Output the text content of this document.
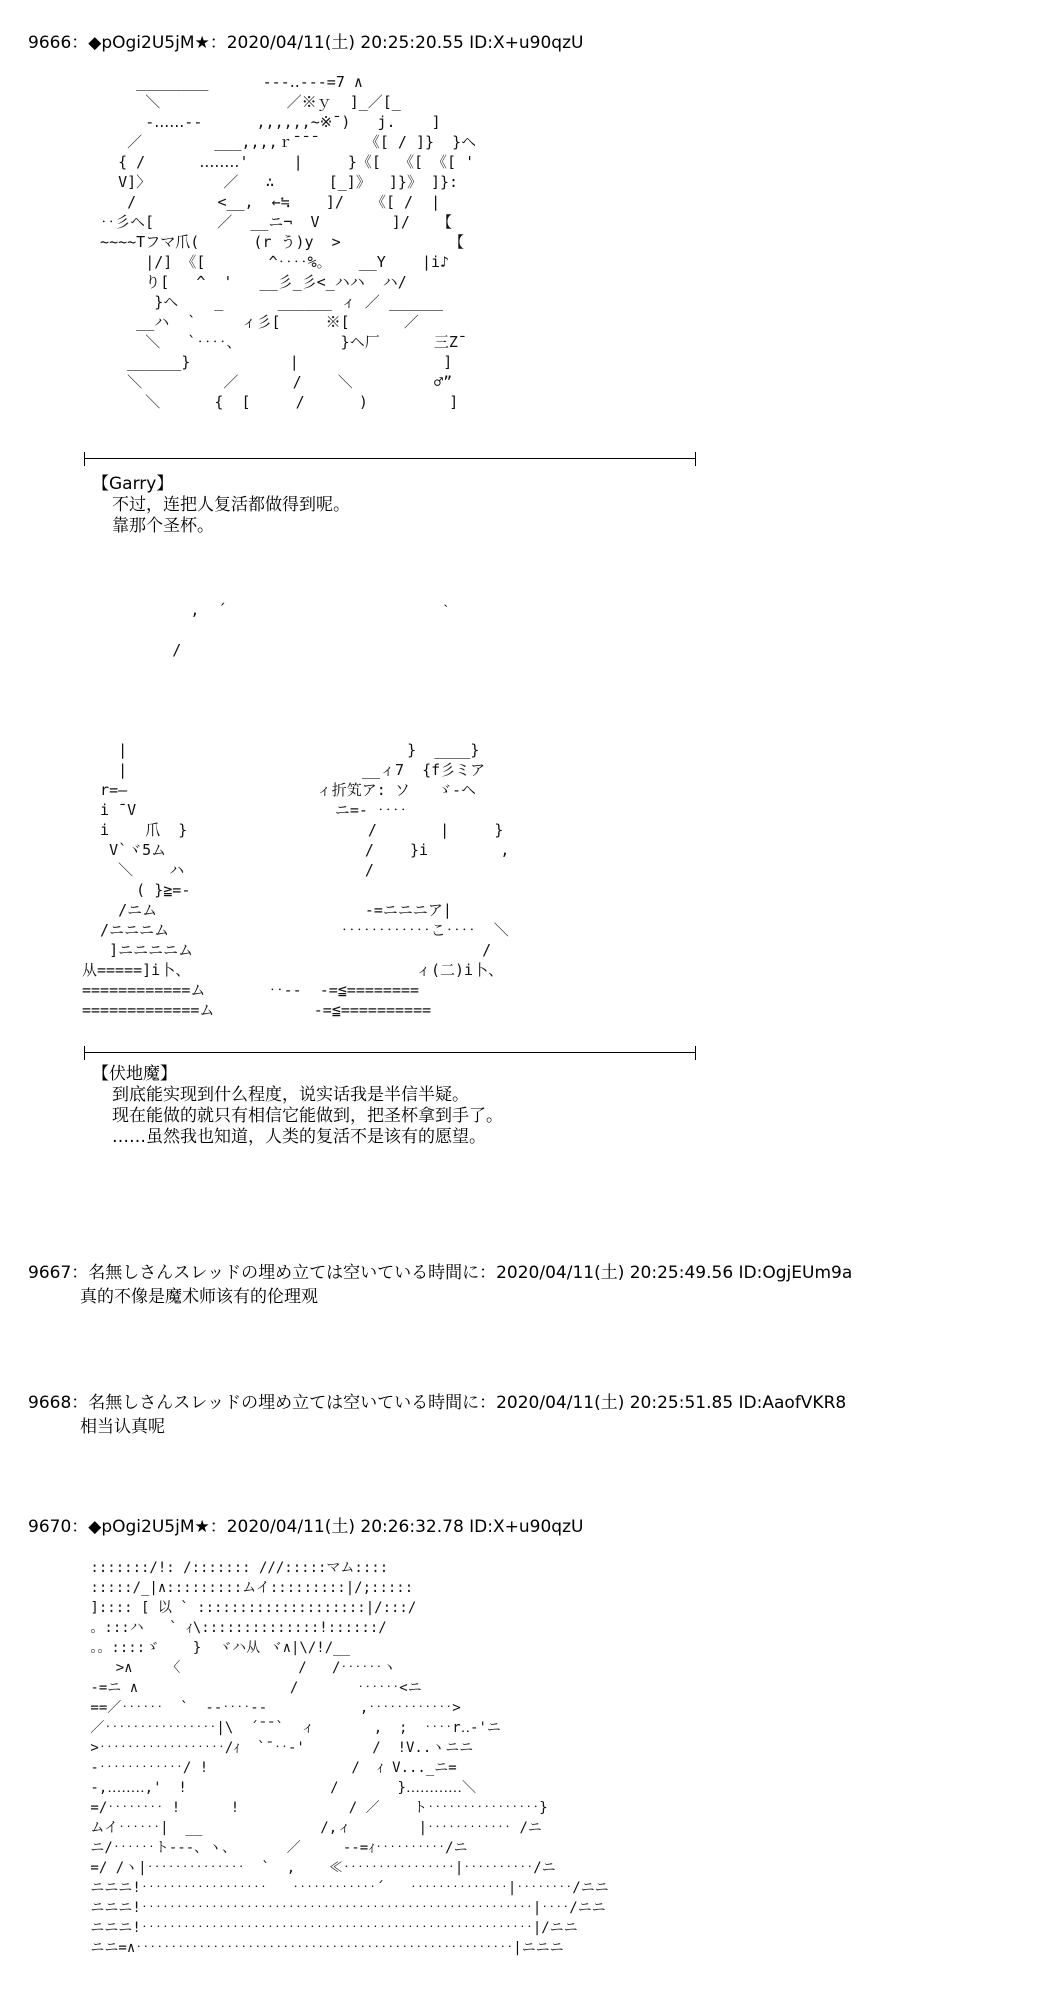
9666：◆pOgi2U5jM★：2020/04/11(土) 20:25:20.55 ID:X+u90qzU
________      ---‥---=7 ∧
＼              ／※ｙ  ]_／[_
-‥‥‥--      ,,,,,,~※¯)   j.    ]
／        ___,,,,ｒ¯¯¯     《[ / ]}  }ヘ
{ /      ‥‥‥‥'     |     }《[  《[ 《[ '
V]〉        ／   ∴      [_]》  ]}》 ]}:
/         <__,  ←≒    ]/   《[ /  |
‥彡ヘ[       ／  __ニ¬  V        ]/   【
~~~~Tフマ爪(      (r う)y  >            【
|/] 《[       ^‥‥%。   __Y    |i♪
り[   ^  '   __彡_彡<_ハハ  ハ/
}ヘ    _      ______ ィ ／ ______
__ハ  `     ィ彡[     ※[      ／
＼   `‥‥、           }ヘ厂      三Z¯
______}           |                ]
＼         ／      /    ＼         ♂”
＼      {  [     /      )         ]
【Garry】
不过，连把人复活都做得到呢。
靠那个圣杯。
,  ´                        ˋ

/

|                               }  ____}
|                          __ィ7  {f彡ミア
r=―                     ィ折笂ア: ソ   ゞ-ヘ
i ¯V                      ニ=- ‥‥
i    爪  }                    /       |     }
V`ヾ5ム                      /    }i        ,
＼    ハ                    /
( }≧=-
/ニム                       -=ニニニア|
/ニニニム                   ‥‥‥‥‥‥こ‥‥  ＼
]ニニニニム                                /
从=====]i卜、                         ィ(二)i卜、
============ム       ‥--  -=≦========
=============ム           -=≦==========
【伏地魔】
到底能实现到什么程度，说实话我是半信半疑。
现在能做的就只有相信它能做到，把圣杯拿到手了。
……虽然我也知道，人类的复活不是该有的愿望。
9667：名無しさんスレッドの埋め立ては空いている時間に：2020/04/11(土) 20:25:49.56 ID:OgjEUm9a
真的不像是魔术师该有的伦理观
9668：名無しさんスレッドの埋め立ては空いている時間に：2020/04/11(土) 20:25:51.85 ID:AaofVKR8
相当认真呢
9670：◆pOgi2U5jM★：2020/04/11(土) 20:26:32.78 ID:X+u90qzU
:::::::/!: /::::::: ///:::::マム::::
:::::/_|∧:::::::::ムイ:::::::::|/;:::::
]:::: [ 以 ` ::::::::::::::::::::|/:::/
。:::ハ   ` ｨ\::::::::::::::!::::::/
。。::::ゞ    }  ヾハ从 ヾ∧|\/!/__
>∧    〈              /   /‥‥‥ヽ
-=ニ ∧                  /       ‥‥‥<ニ
==／‥‥‥  `  -‐‥‥--           ,‥‥‥‥‥‥>
／‥‥‥‥‥‥‥‥|\  ´¯¯`  ィ       ,  ;  ‥‥r‥-'ニ
>‥‥‥‥‥‥‥‥‥/ｨ  `¯‥-'        /  !V..ヽニニ
-‥‥‥‥‥‥/ !                 /  ｨ V..._ニ=
-,‥‥‥‥,'  !                 /       }‥‥‥‥‥‥＼
=/‥‥‥‥ !      !             / ／    ト‥‥‥‥‥‥‥‥}
ムイ‥‥‥|  __              /,ィ        |‥‥‥‥‥‥ /ニ
ニ/‥‥‥ト‐‐‐、ヽ、      ／     --=ｨ‥‥‥‥‥/ニ
=/ /ヽ|‥‥‥‥‥‥‥  `  ,    ≪‥‥‥‥‥‥‥‥|‥‥‥‥‥/ニ
ニニニ!‥‥‥‥‥‥‥‥‥   ‥‥‥‥‥‥´   ‥‥‥‥‥‥‥|‥‥‥‥/ニニ
ニニニ!‥‥‥‥‥‥‥‥‥‥‥‥‥‥‥‥‥‥‥‥‥‥‥‥‥‥‥‥|‥‥/ニニ
ニニニ!‥‥‥‥‥‥‥‥‥‥‥‥‥‥‥‥‥‥‥‥‥‥‥‥‥‥‥‥|/ニニ
ニニ=∧‥‥‥‥‥‥‥‥‥‥‥‥‥‥‥‥‥‥‥‥‥‥‥‥‥‥‥|ニニニ
